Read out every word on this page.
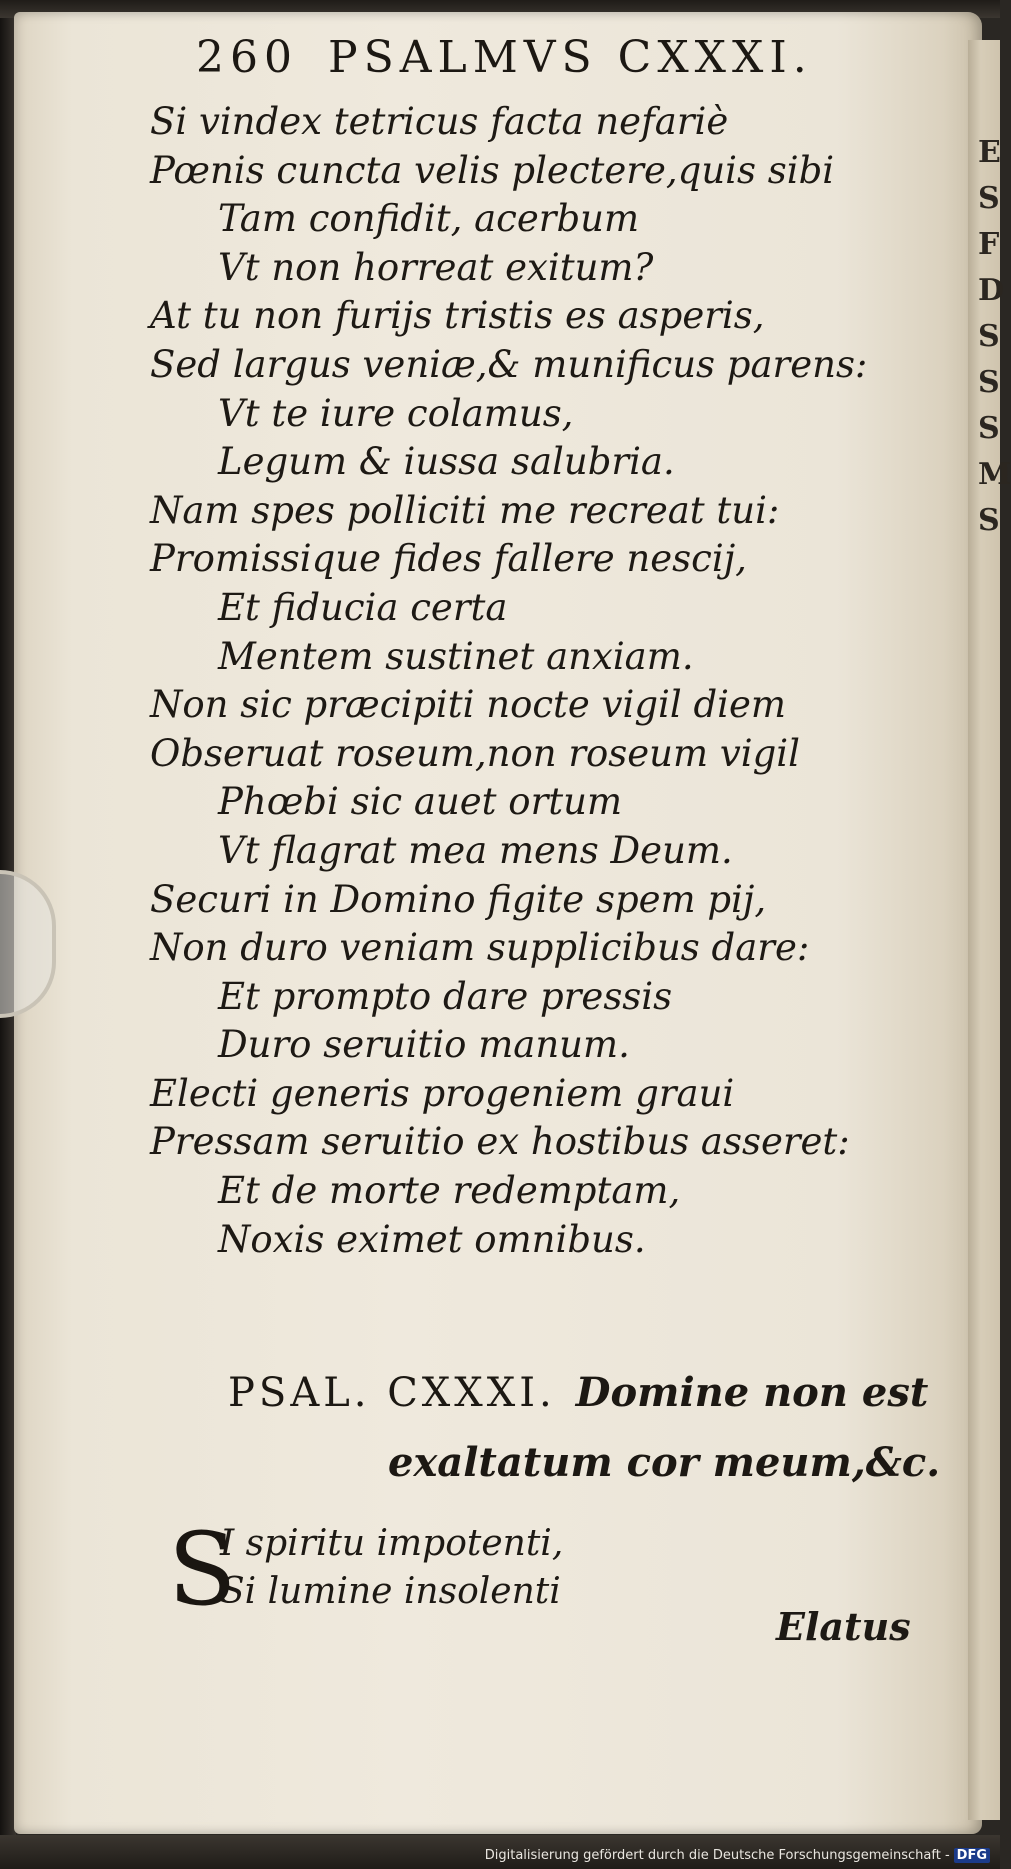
E
S
F
D
S
S
S
M
S
260 PSALMVS CXXXI.
Si vindex tetricus facta nefariè
Pœnis cuncta velis plectere,quis sibi
Tam confidit, acerbum
Vt non horreat exitum?
At tu non furijs tristis es asperis,
Sed largus veniæ,& munificus parens:
Vt te iure colamus,
Legum & iussa salubria.
Nam spes polliciti me recreat tui:
Promissique fides fallere nescij,
Et fiducia certa
Mentem sustinet anxiam.
Non sic præcipiti nocte vigil diem
Obseruat roseum,non roseum vigil
Phœbi sic auet ortum
Vt flagrat mea mens Deum.
Securi in Domino figite spem pij,
Non duro veniam supplicibus dare:
Et prompto dare pressis
Duro seruitio manum.
Electi generis progeniem graui
Pressam seruitio ex hostibus asseret:
Et de morte redemptam,
Noxis eximet omnibus.
PSAL. CXXXI. Domine non est
exaltatum cor meum,&c.
S
I spiritu impotenti,
Si lumine insolenti
Elatus
Digitalisierung gefördert durch die Deutsche Forschungsgemeinschaft - DFG
